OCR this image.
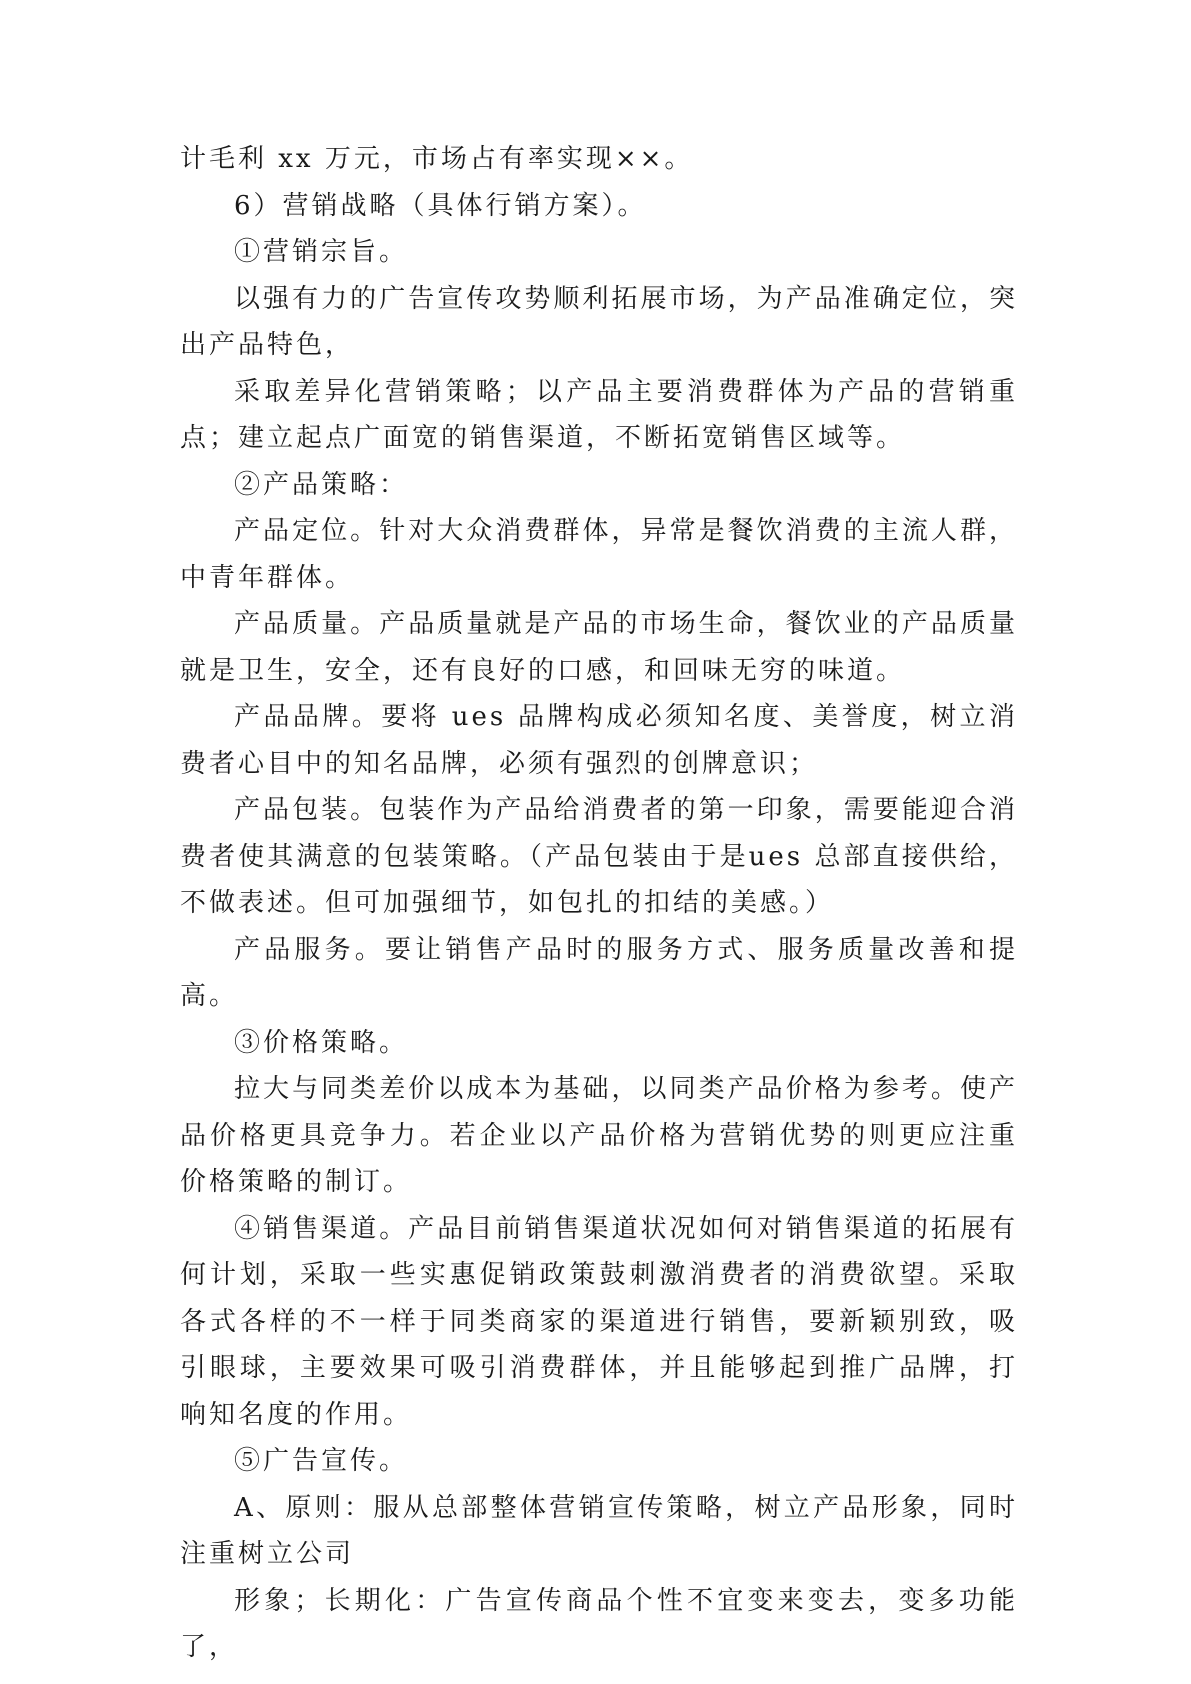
计毛利 xx 万元，市场占有率实现××。

6）营销战略（具体行销方案）。

①营销宗旨。

以强有力的广告宣传攻势顺利拓展市场，为产品准确定位，突出产品特色，

采取差异化营销策略；以产品主要消费群体为产品的营销重点；建立起点广面宽的销售渠道，不断拓宽销售区域等。

②产品策略：

产品定位。针对大众消费群体，异常是餐饮消费的主流人群，中青年群体。

产品质量。产品质量就是产品的市场生命，餐饮业的产品质量就是卫生，安全，还有良好的口感，和回味无穷的味道。

产品品牌。要将 ues 品牌构成必须知名度、美誉度，树立消费者心目中的知名品牌，必须有强烈的创牌意识；

产品包装。包装作为产品给消费者的第一印象，需要能迎合消费者使其满意的包装策略。（产品包装由于是ues 总部直接供给，不做表述。但可加强细节，如包扎的扣结的美感。）

产品服务。要让销售产品时的服务方式、服务质量改善和提高。

③价格策略。

拉大与同类差价以成本为基础，以同类产品价格为参考。使产品价格更具竞争力。若企业以产品价格为营销优势的则更应注重价格策略的制订。

④销售渠道。产品目前销售渠道状况如何对销售渠道的拓展有何计划，采取一些实惠促销政策鼓刺激消费者的消费欲望。采取各式各样的不一样于同类商家的渠道进行销售，要新颖别致，吸引眼球，主要效果可吸引消费群体，并且能够起到推广品牌，打响知名度的作用。

⑤广告宣传。

A、原则：服从总部整体营销宣传策略，树立产品形象，同时注重树立公司

形象；长期化：广告宣传商品个性不宜变来变去，变多功能了，
